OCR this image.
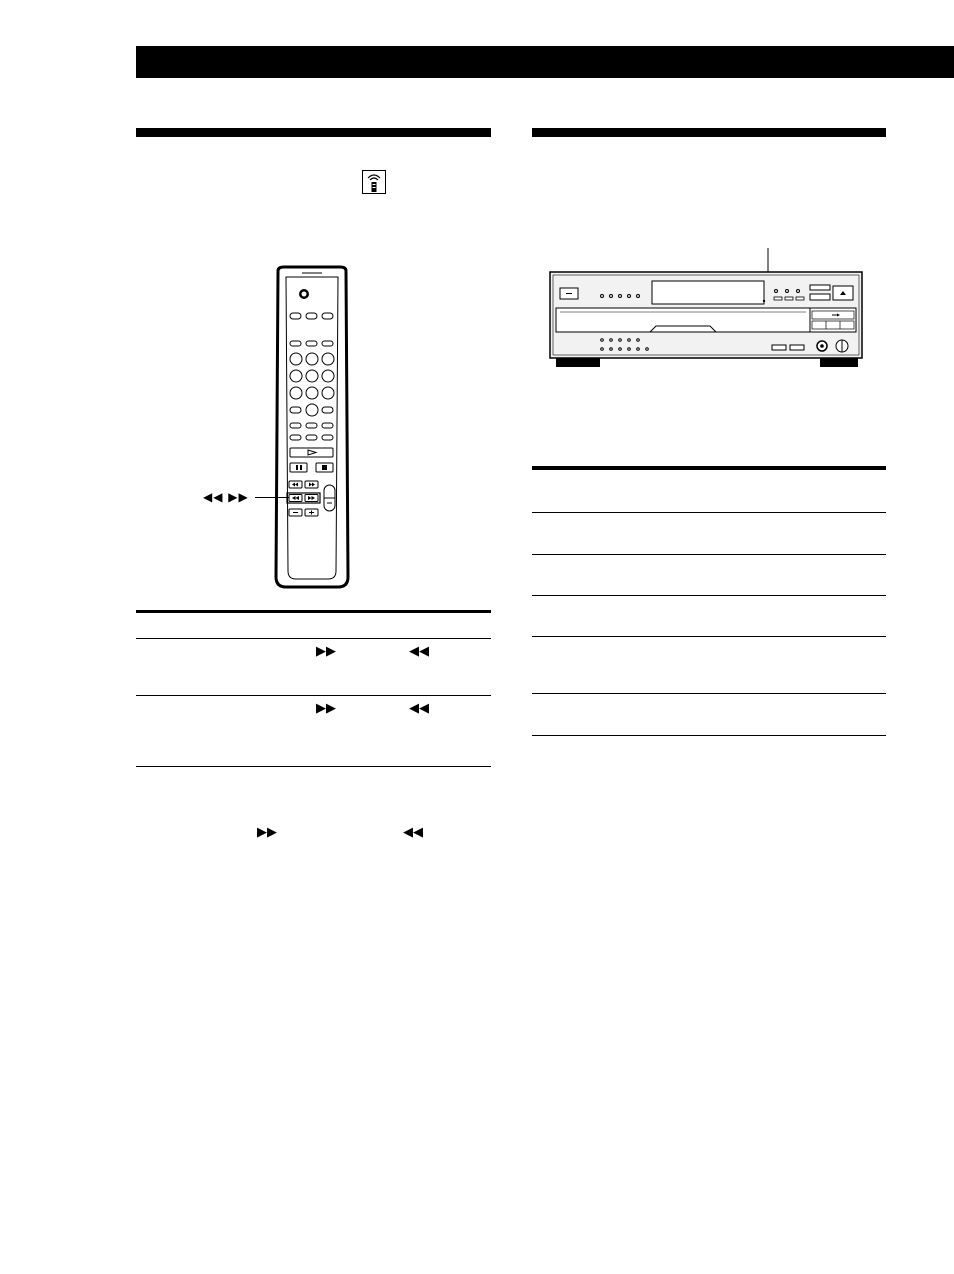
◀◀ ▶▶
▶▶	◀◀
▶▶	◀◀
▶▶	◀◀
